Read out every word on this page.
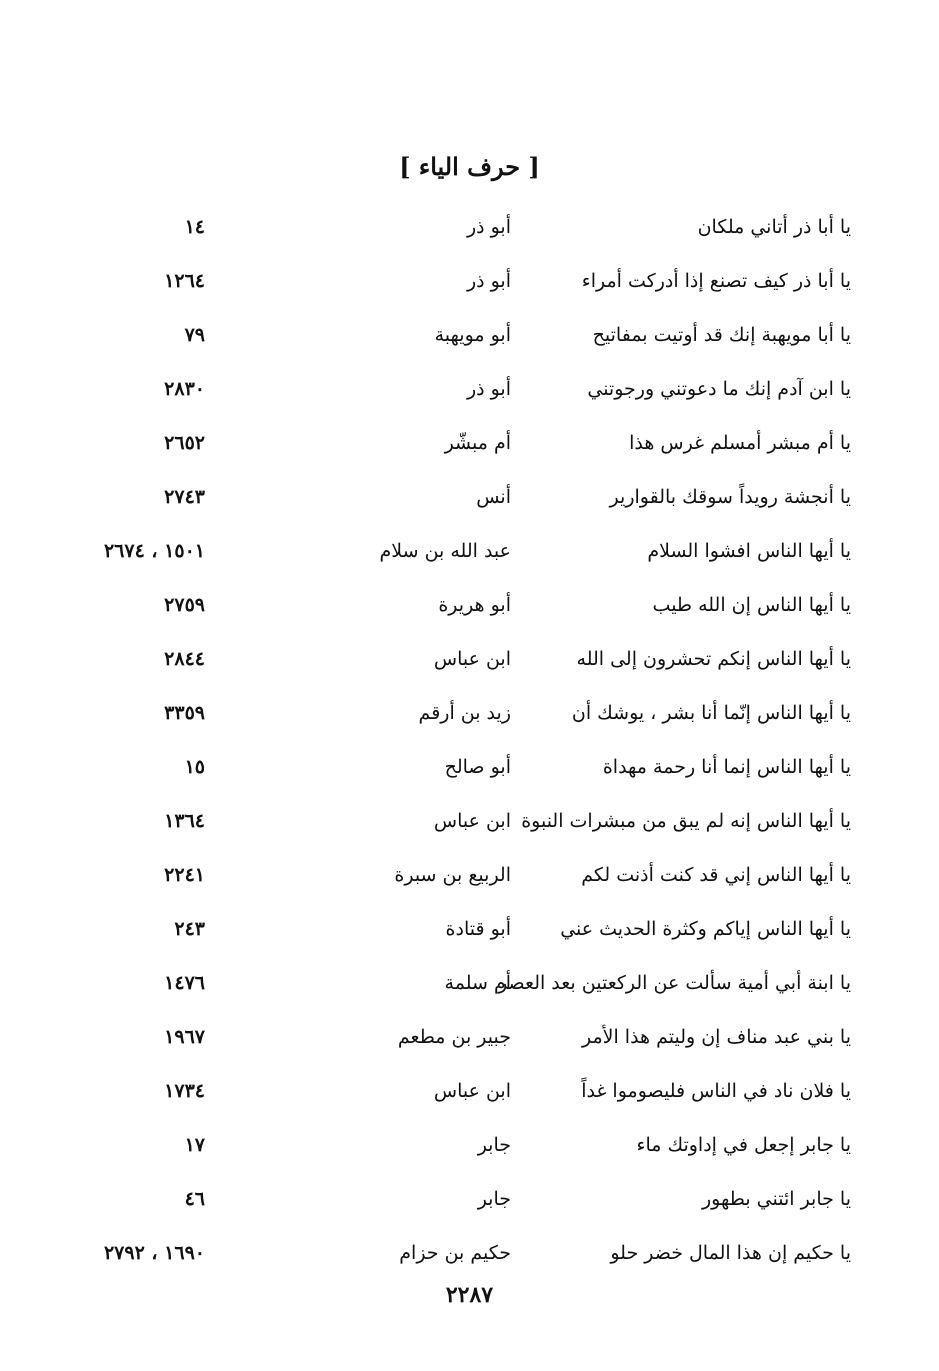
[ حرف الياء ]
يا أبا ذر أتاني ملكان
أبو ذر
١٤
يا أبا ذر كيف تصنع إذا أدركت أمراء
أبو ذر
١٢٦٤
يا أبا مويهبة إنك قد أوتيت بمفاتيح
أبو مويهبة
٧٩
يا ابن آدم إنك ما دعوتني ورجوتني
أبو ذر
٢٨٣٠
يا أم مبشر أمسلم غرس هذا
أم مبشّر
٢٦٥٢
يا أنجشة رويداً سوقك بالقوارير
أنس
٢٧٤٣
يا أيها الناس افشوا السلام
عبد الله بن سلام
١٥٠١ ، ٢٦٧٤
يا أيها الناس إن الله طيب
أبو هريرة
٢٧٥٩
يا أيها الناس إنكم تحشرون إلى الله
ابن عباس
٢٨٤٤
يا أيها الناس إنّما أنا بشر ، يوشك أن
زيد بن أرقم
٣٣٥٩
يا أيها الناس إنما أنا رحمة مهداة
أبو صالح
١٥
يا أيها الناس إنه لم يبق من مبشرات النبوة
ابن عباس
١٣٦٤
يا أيها الناس إني قد كنت أذنت لكم
الربيع بن سبرة
٢٢٤١
يا أيها الناس إياكم وكثرة الحديث عني
أبو قتادة
٢٤٣
يا ابنة أبي أمية سألت عن الركعتين بعد العصر
أم سلمة
١٤٧٦
يا بني عبد مناف إن وليتم هذا الأمر
جبير بن مطعم
١٩٦٧
يا فلان ناد في الناس فليصوموا غداً
ابن عباس
١٧٣٤
يا جابر إجعل في إداوتك ماء
جابر
١٧
يا جابر ائتني بطهور
جابر
٤٦
يا حكيم إن هذا المال خضر حلو
حكيم بن حزام
١٦٩٠ ، ٢٧٩٢
٢٢٨٧
